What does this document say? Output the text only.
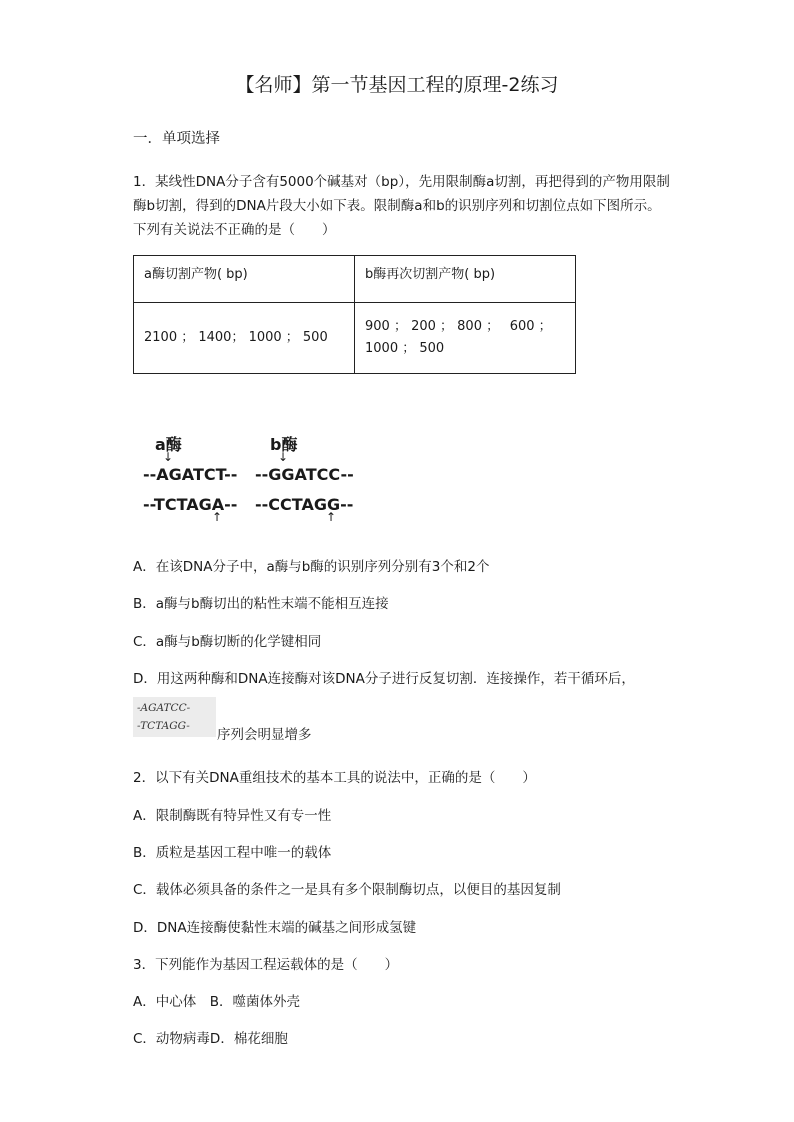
【名师】第一节基因工程的原理-2练习
一．单项选择
1．某线性DNA分子含有5000个碱基对（bp），先用限制酶a切割，再把得到的产物用限制酶b切割，得到的DNA片段大小如下表。限制酶a和b的识别序列和切割位点如下图所示。下列有关说法不正确的是（　　）
a酶切割产物( bp)	b酶再次切割产物( bp)
2100 ； 1400； 1000 ； 500	900 ； 200 ； 800 ；　 600 ；
1000 ； 500
a酶	b酶
↓	↓
--AGATCT-- --GGATCC--
--TCTAGA-- --CCTAGG--
↑	↑
A．在该DNA分子中，a酶与b酶的识别序列分别有3个和2个
B．a酶与b酶切出的粘性末端不能相互连接
C．a酶与b酶切断的化学键相同
D．用这两种酶和DNA连接酶对该DNA分子进行反复切割．连接操作，若干循环后，
-AGATCC-
-TCTAGG-
序列会明显增多
2．以下有关DNA重组技术的基本工具的说法中，正确的是（　　）
A．限制酶既有特异性又有专一性
B．质粒是基因工程中唯一的载体
C．载体必须具备的条件之一是具有多个限制酶切点，以便目的基因复制
D．DNA连接酶使黏性末端的碱基之间形成氢键
3．下列能作为基因工程运载体的是（　　）
A．中心体　B．噬菌体外壳
C．动物病毒D．棉花细胞
